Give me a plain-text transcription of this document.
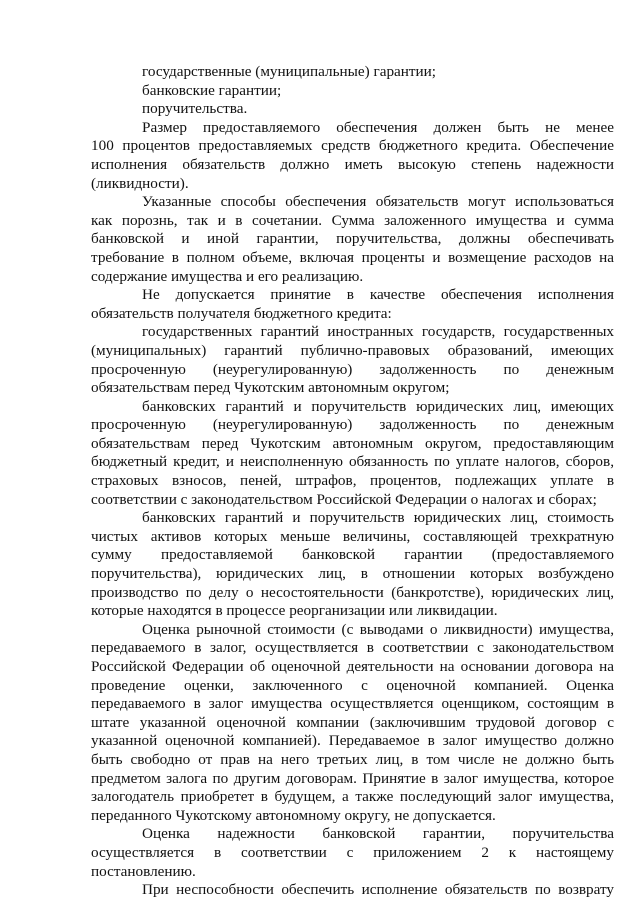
государственные (муниципальные) гарантии;
банковские гарантии;
поручительства.
Размер предоставляемого обеспечения должен быть не менее
100 процентов предоставляемых средств бюджетного кредита. Обеспечение
исполнения обязательств должно иметь высокую степень надежности
(ликвидности).
Указанные способы обеспечения обязательств могут использоваться
как порознь, так и в сочетании. Сумма заложенного имущества и сумма
банковской и иной гарантии, поручительства, должны обеспечивать
требование в полном объеме, включая проценты и возмещение расходов на
содержание имущества и его реализацию.
Не допускается принятие в качестве обеспечения исполнения
обязательств получателя бюджетного кредита:
государственных гарантий иностранных государств, государственных
(муниципальных) гарантий публично-правовых образований, имеющих
просроченную (неурегулированную) задолженность по денежным
обязательствам перед Чукотским автономным округом;
банковских гарантий и поручительств юридических лиц, имеющих
просроченную (неурегулированную) задолженность по денежным
обязательствам перед Чукотским автономным округом, предоставляющим
бюджетный кредит, и неисполненную обязанность по уплате налогов, сборов,
страховых взносов, пеней, штрафов, процентов, подлежащих уплате в
соответствии с законодательством Российской Федерации о налогах и сборах;
банковских гарантий и поручительств юридических лиц, стоимость
чистых активов которых меньше величины, составляющей трехкратную
сумму предоставляемой банковской гарантии (предоставляемого
поручительства), юридических лиц, в отношении которых возбуждено
производство по делу о несостоятельности (банкротстве), юридических лиц,
которые находятся в процессе реорганизации или ликвидации.
Оценка рыночной стоимости (с выводами о ликвидности) имущества,
передаваемого в залог, осуществляется в соответствии с законодательством
Российской Федерации об оценочной деятельности на основании договора на
проведение оценки, заключенного с оценочной компанией. Оценка
передаваемого в залог имущества осуществляется оценщиком, состоящим в
штате указанной оценочной компании (заключившим трудовой договор с
указанной оценочной компанией). Передаваемое в залог имущество должно
быть свободно от прав на него третьих лиц, в том числе не должно быть
предметом залога по другим договорам. Принятие в залог имущества, которое
залогодатель приобретет в будущем, а также последующий залог имущества,
переданного Чукотскому автономному округу, не допускается.
Оценка надежности банковской гарантии, поручительства
осуществляется в соответствии с приложением 2 к настоящему
постановлению.
При неспособности обеспечить исполнение обязательств по возврату
